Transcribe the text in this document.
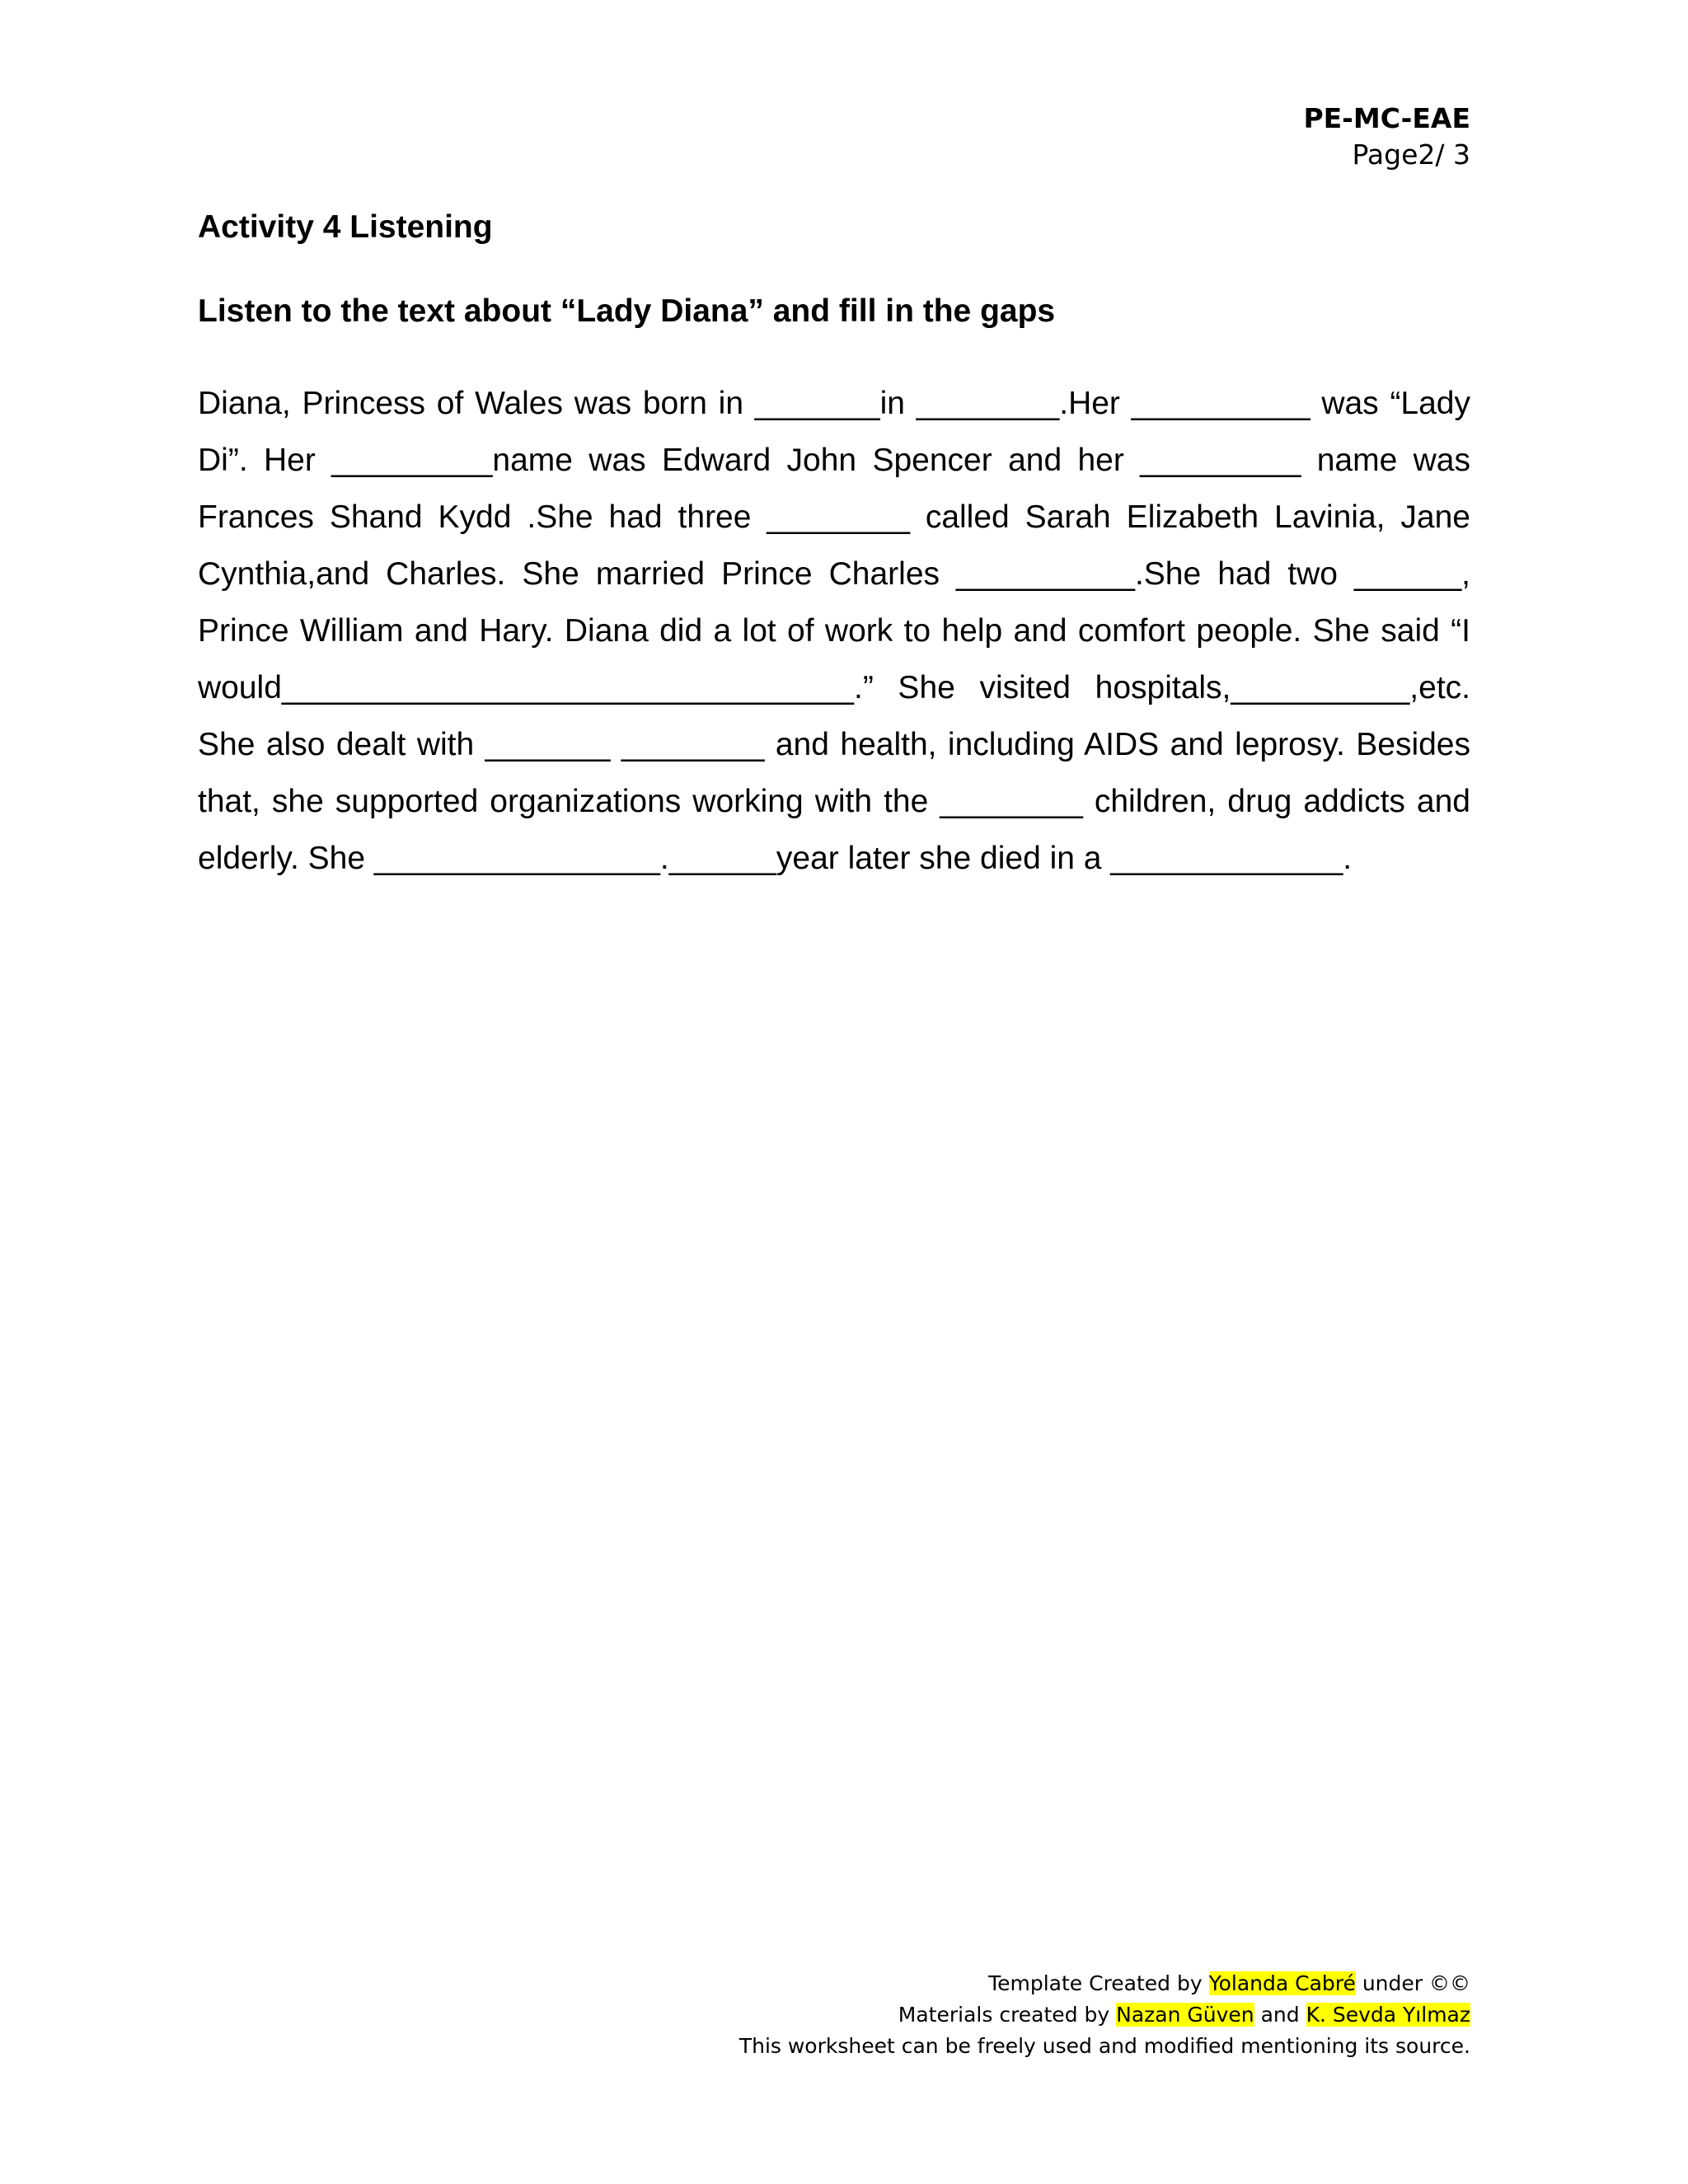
PE-MC-EAE
Page2/ 3
Activity 4 Listening
Listen to the text about “Lady Diana” and fill in the gaps
Diana, Princess of Wales was born in _______in ________.Her __________ was “Lady
Di”. Her _________name was Edward John Spencer and her _________ name was
Frances Shand Kydd .She had three ________ called Sarah Elizabeth Lavinia, Jane
Cynthia,and Charles. She married Prince Charles __________.She had two ______,
Prince William and Hary. Diana did a lot of work to help and comfort people. She said “I
would________________________________.” She visited hospitals,__________,etc.
She also dealt with _______ ________ and health, including AIDS and leprosy. Besides
that, she supported organizations working with the ________ children, drug addicts and
elderly. She ________________.______year later she died in a _____________.
Template Created by Yolanda Cabré under ©©
Materials created by Nazan Güven and K. Sevda Yılmaz
This worksheet can be freely used and modified mentioning its source.
